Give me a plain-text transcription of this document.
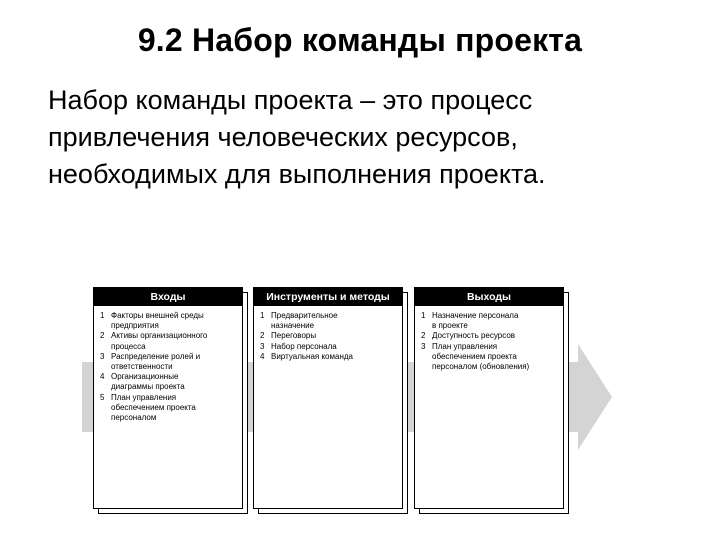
9.2 Набор команды проекта
Набор команды проекта – это процесс
привлечения человеческих ресурсов,
необходимых для выполнения проекта.
Входы
1 Факторы внешней среды
предприятия
2 Активы организационного
процесса
3 Распределение ролей и
ответственности
4 Организационные
диаграммы проекта
5 План управления
обеспечением проекта
персоналом
Инструменты и методы
1 Предварительное
назначение
2 Переговоры
3 Набор персонала
4 Виртуальная команда
Выходы
1 Назначение персонала
в проекте
2 Доступность ресурсов
3 План управления
обеспечением проекта
персоналом (обновления)
